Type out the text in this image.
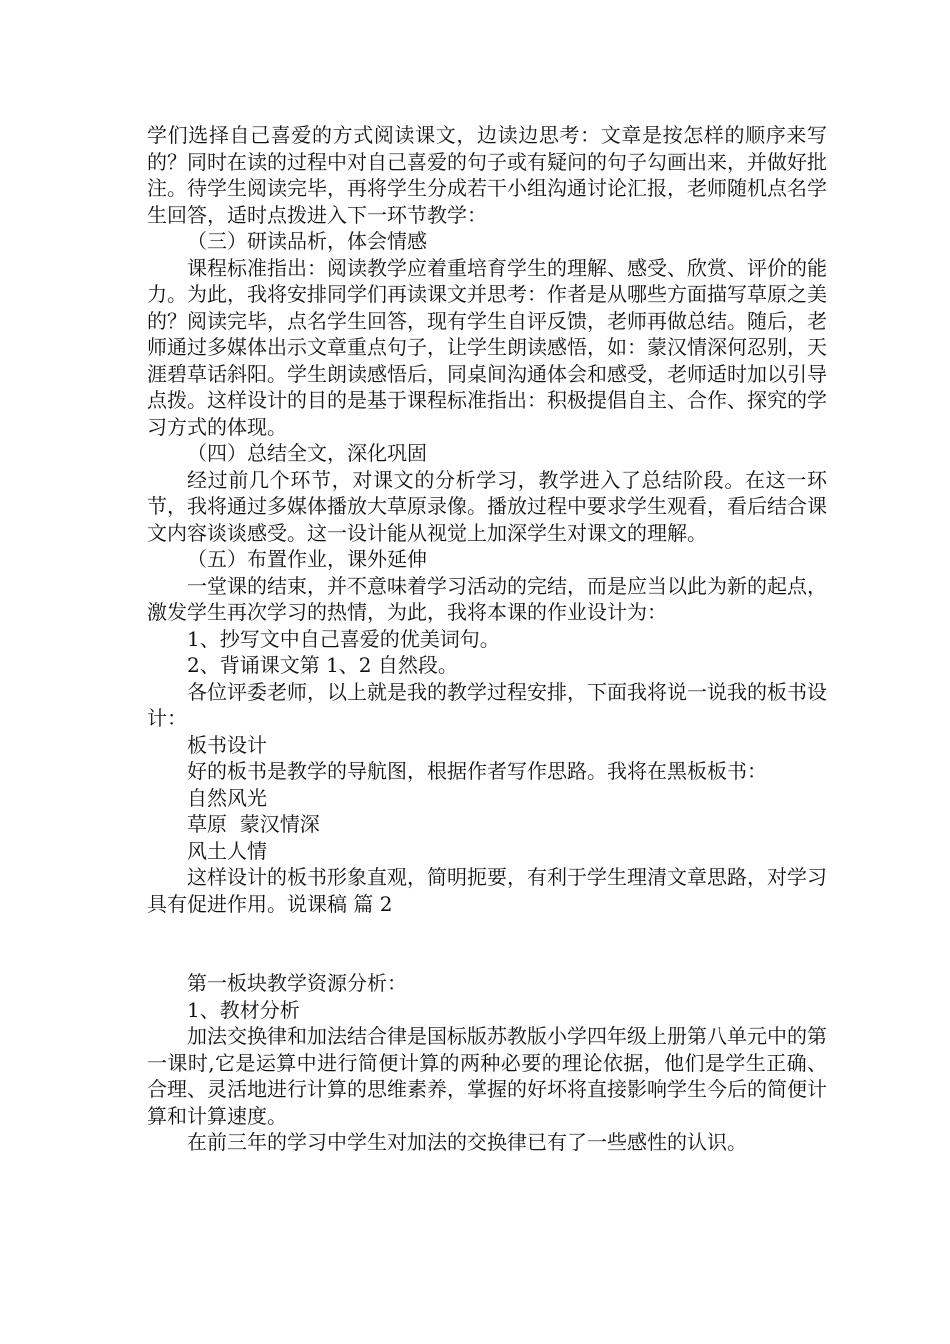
学们选择自己喜爱的方式阅读课文，边读边思考：文章是按怎样的顺序来写的？同时在读的过程中对自己喜爱的句子或有疑问的句子勾画出来，并做好批注。待学生阅读完毕，再将学生分成若干小组沟通讨论汇报，老师随机点名学生回答，适时点拨进入下一环节教学：

（三）研读品析，体会情感

课程标准指出：阅读教学应着重培育学生的理解、感受、欣赏、评价的能力。为此，我将安排同学们再读课文并思考：作者是从哪些方面描写草原之美的？阅读完毕，点名学生回答，现有学生自评反馈，老师再做总结。随后，老师通过多媒体出示文章重点句子，让学生朗读感悟，如：蒙汉情深何忍别，天涯碧草话斜阳。学生朗读感悟后，同桌间沟通体会和感受，老师适时加以引导点拨。这样设计的目的是基于课程标准指出：积极提倡自主、合作、探究的学习方式的体现。

（四）总结全文，深化巩固

经过前几个环节，对课文的分析学习，教学进入了总结阶段。在这一环节，我将通过多媒体播放大草原录像。播放过程中要求学生观看，看后结合课文内容谈谈感受。这一设计能从视觉上加深学生对课文的理解。

（五）布置作业，课外延伸

一堂课的结束，并不意味着学习活动的完结，而是应当以此为新的起点，激发学生再次学习的热情，为此，我将本课的作业设计为：

1、抄写文中自己喜爱的优美词句。

2、背诵课文第 1、2 自然段。

各位评委老师，以上就是我的教学过程安排，下面我将说一说我的板书设计：

板书设计

好的板书是教学的导航图，根据作者写作思路。我将在黑板板书：

自然风光

草原  蒙汉情深

风土人情

这样设计的板书形象直观，简明扼要，有利于学生理清文章思路，对学习具有促进作用。说课稿 篇 2

第一板块教学资源分析：

1、教材分析

加法交换律和加法结合律是国标版苏教版小学四年级上册第八单元中的第一课时,它是运算中进行简便计算的两种必要的理论依据，他们是学生正确、合理、灵活地进行计算的思维素养，掌握的好坏将直接影响学生今后的简便计算和计算速度。

在前三年的学习中学生对加法的交换律已有了一些感性的认识。
